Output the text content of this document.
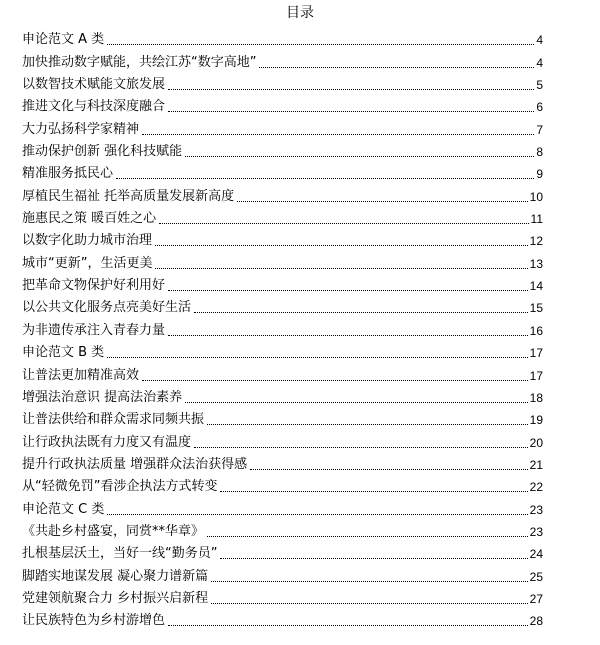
目录
申论范文 A 类	4
加快推动数字赋能，共绘江苏“数字高地”	4
以数智技术赋能文旅发展	5
推进文化与科技深度融合	6
大力弘扬科学家精神	7
推动保护创新 强化科技赋能	8
精准服务抵民心	9
厚植民生福祉 托举高质量发展新高度	10
施惠民之策 暖百姓之心	11
以数字化助力城市治理	12
城市“更新”，生活更美	13
把革命文物保护好利用好	14
以公共文化服务点亮美好生活	15
为非遗传承注入青春力量	16
申论范文 B 类	17
让普法更加精准高效	17
增强法治意识 提高法治素养	18
让普法供给和群众需求同频共振	19
让行政执法既有力度又有温度	20
提升行政执法质量 增强群众法治获得感	21
从“轻微免罚”看涉企执法方式转变	22
申论范文 C 类	23
《共赴乡村盛宴，同赏**华章》	23
扎根基层沃土，当好一线“勤务员”	24
脚踏实地谋发展 凝心聚力谱新篇	25
党建领航聚合力 乡村振兴启新程	27
让民族特色为乡村游增色	28
